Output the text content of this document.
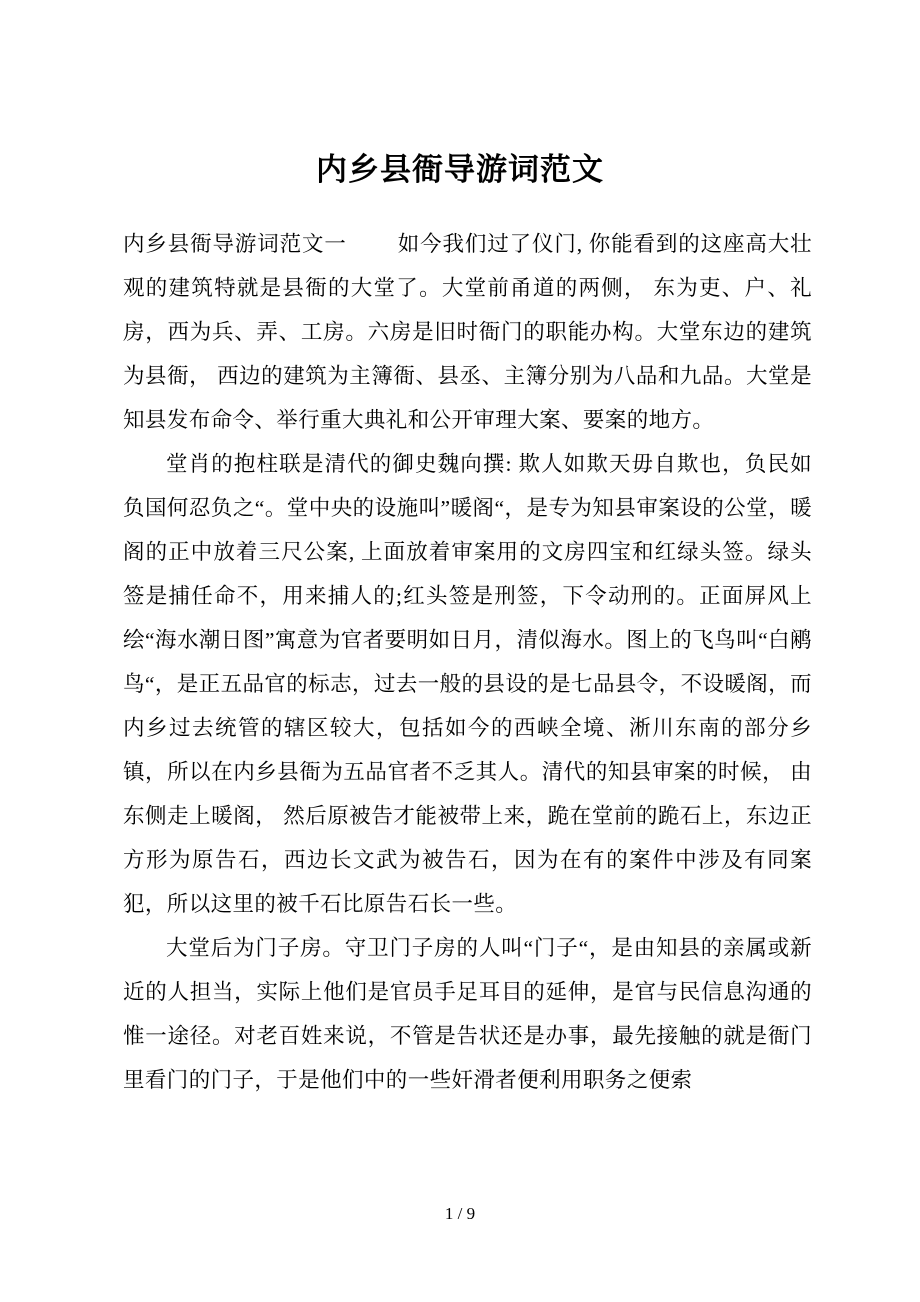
内乡县衙导游词范文

内乡县衙导游词范文一 　　如今我们过了仪门, 你能看到的这座高大壮观的建筑特就是县衙的大堂了。大堂前甬道的两侧， 东为吏、户、礼房，西为兵、弄、工房。六房是旧时衙门的职能办构。大堂东边的建筑为县衙， 西边的建筑为主簿衙、县丞、主簿分别为八品和九品。大堂是知县发布命令、举行重大典礼和公开审理大案、要案的地方。

堂肖的抱柱联是清代的御史魏向撰: 欺人如欺天毋自欺也，负民如负国何忍负之“。堂中央的设施叫”暖阁“，是专为知县审案设的公堂，暖阁的正中放着三尺公案, 上面放着审案用的文房四宝和红绿头签。绿头签是捕任命不，用来捕人的;红头签是刑签，下令动刑的。正面屏风上绘“海水潮日图”寓意为官者要明如日月，清似海水。图上的飞鸟叫“白鹇鸟“，是正五品官的标志，过去一般的县设的是七品县令，不设暖阁，而内乡过去统管的辖区较大，包括如今的西峡全境、淅川东南的部分乡镇，所以在内乡县衙为五品官者不乏其人。清代的知县审案的时候， 由东侧走上暖阁， 然后原被告才能被带上来，跪在堂前的跪石上，东边正方形为原告石，西边长文武为被告石，因为在有的案件中涉及有同案犯，所以这里的被千石比原告石长一些。

大堂后为门子房。守卫门子房的人叫“门子“，是由知县的亲属或新近的人担当，实际上他们是官员手足耳目的延伸，是官与民信息沟通的惟一途径。对老百姓来说，不管是告状还是办事，最先接触的就是衙门里看门的门子，于是他们中的一些奸滑者便利用职务之便索

1 / 9
